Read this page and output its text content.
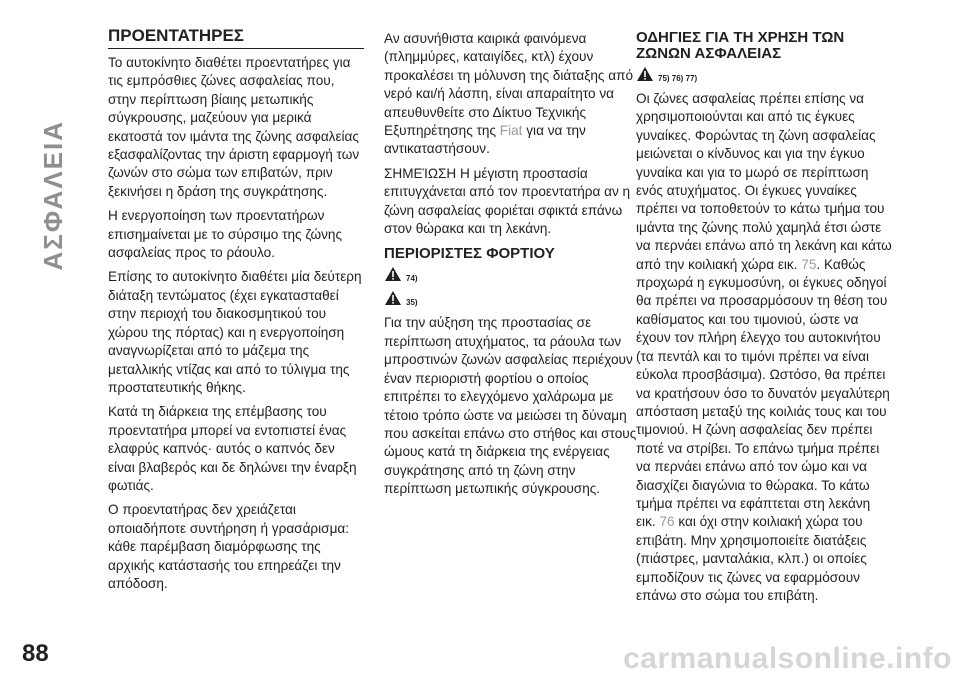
ΑΣΦΑΛΕΙΑ
ΠΡΟΕΝΤΑΤΗΡΕΣ

Το αυτοκίνητο διαθέτει προεντατήρες για τις εμπρόσθιες ζώνες ασφαλείας που, στην περίπτωση βίαιης μετωπικής σύγκρουσης, μαζεύουν για μερικά εκατοστά τον ιμάντα της ζώνης ασφαλείας εξασφαλίζοντας την άριστη εφαρμογή των ζωνών στο σώμα των επιβατών, πριν ξεκινήσει η δράση της συγκράτησης.

Η ενεργοποίηση των προεντατήρων επισημαίνεται με το σύρσιμο της ζώνης ασφαλείας προς το ράουλο.

Επίσης το αυτοκίνητο διαθέτει μία δεύτερη διάταξη τεντώματος (έχει εγκατασταθεί στην περιοχή του διακοσμητικού του χώρου της πόρτας) και η ενεργοποίηση αναγνωρίζεται από το μάζεμα της μεταλλικής ντίζας και από το τύλιγμα της προστατευτικής θήκης.

Κατά τη διάρκεια της επέμβασης του προεντατήρα μπορεί να εντοπιστεί ένας ελαφρύς καπνός· αυτός ο καπνός δεν είναι βλαβερός και δε δηλώνει την έναρξη φωτιάς.

Ο προεντατήρας δεν χρειάζεται οποιαδήποτε συντήρηση ή γρασάρισμα: κάθε παρέμβαση διαμόρφωσης της αρχικής κατάστασής του επηρεάζει την απόδοση.

Αν ασυνήθιστα καιρικά φαινόμενα (πλημμύρες, καταιγίδες, κτλ) έχουν προκαλέσει τη μόλυνση της διάταξης από νερό και/ή λάσπη, είναι απαραίτητο να απευθυνθείτε στο Δίκτυο Τεχνικής Εξυπηρέτησης της Fiat για να την αντικαταστήσουν.

ΣΗΜΕΊΩΣΗ Η μέγιστη προστασία επιτυγχάνεται από τον προεντατήρα αν η ζώνη ασφαλείας φοριέται σφικτά επάνω στον θώρακα και τη λεκάνη.

ΠΕΡΙΟΡΙΣΤΕΣ ΦΟΡΤΙΟΥ
74)
35)

Για την αύξηση της προστασίας σε περίπτωση ατυχήματος, τα ράουλα των μπροστινών ζωνών ασφαλείας περιέχουν έναν περιοριστή φορτίου ο οποίος επιτρέπει το ελεγχόμενο χαλάρωμα με τέτοιο τρόπο ώστε να μειώσει τη δύναμη που ασκείται επάνω στο στήθος και στους ώμους κατά τη διάρκεια της ενέργειας συγκράτησης από τη ζώνη στην περίπτωση μετωπικής σύγκρουσης.

ΟΔΗΓΙΕΣ ΓΙΑ ΤΗ ΧΡΗΣΗ ΤΩΝ
ΖΩΝΩΝ ΑΣΦΑΛΕΙΑΣ
75) 76) 77)

Οι ζώνες ασφαλείας πρέπει επίσης να χρησιμοποιούνται και από τις έγκυες γυναίκες. Φορώντας τη ζώνη ασφαλείας μειώνεται ο κίνδυνος και για την έγκυο γυναίκα και για το μωρό σε περίπτωση ενός ατυχήματος. Οι έγκυες γυναίκες πρέπει να τοποθετούν το κάτω τμήμα του ιμάντα της ζώνης πολύ χαμηλά έτσι ώστε να περνάει επάνω από τη λεκάνη και κάτω από την κοιλιακή χώρα εικ. 75. Καθώς προχωρά η εγκυμοσύνη, οι έγκυες οδηγοί θα πρέπει να προσαρμόσουν τη θέση του καθίσματος και του τιμονιού, ώστε να έχουν τον πλήρη έλεγχο του αυτοκινήτου (τα πεντάλ και το τιμόνι πρέπει να είναι εύκολα προσβάσιμα). Ωστόσο, θα πρέπει να κρατήσουν όσο το δυνατόν μεγαλύτερη απόσταση μεταξύ της κοιλιάς τους και του τιμονιού. Η ζώνη ασφαλείας δεν πρέπει ποτέ να στρίβει. Το επάνω τμήμα πρέπει να περνάει επάνω από τον ώμο και να διασχίζει διαγώνια το θώρακα. Το κάτω τμήμα πρέπει να εφάπτεται στη λεκάνη εικ. 76 και όχι στην κοιλιακή χώρα του επιβάτη. Μην χρησιμοποιείτε διατάξεις (πιάστρες, μανταλάκια, κλπ.) οι οποίες εμποδίζουν τις ζώνες να εφαρμόσουν επάνω στο σώμα του επιβάτη.

88	carmanualsonline.info
